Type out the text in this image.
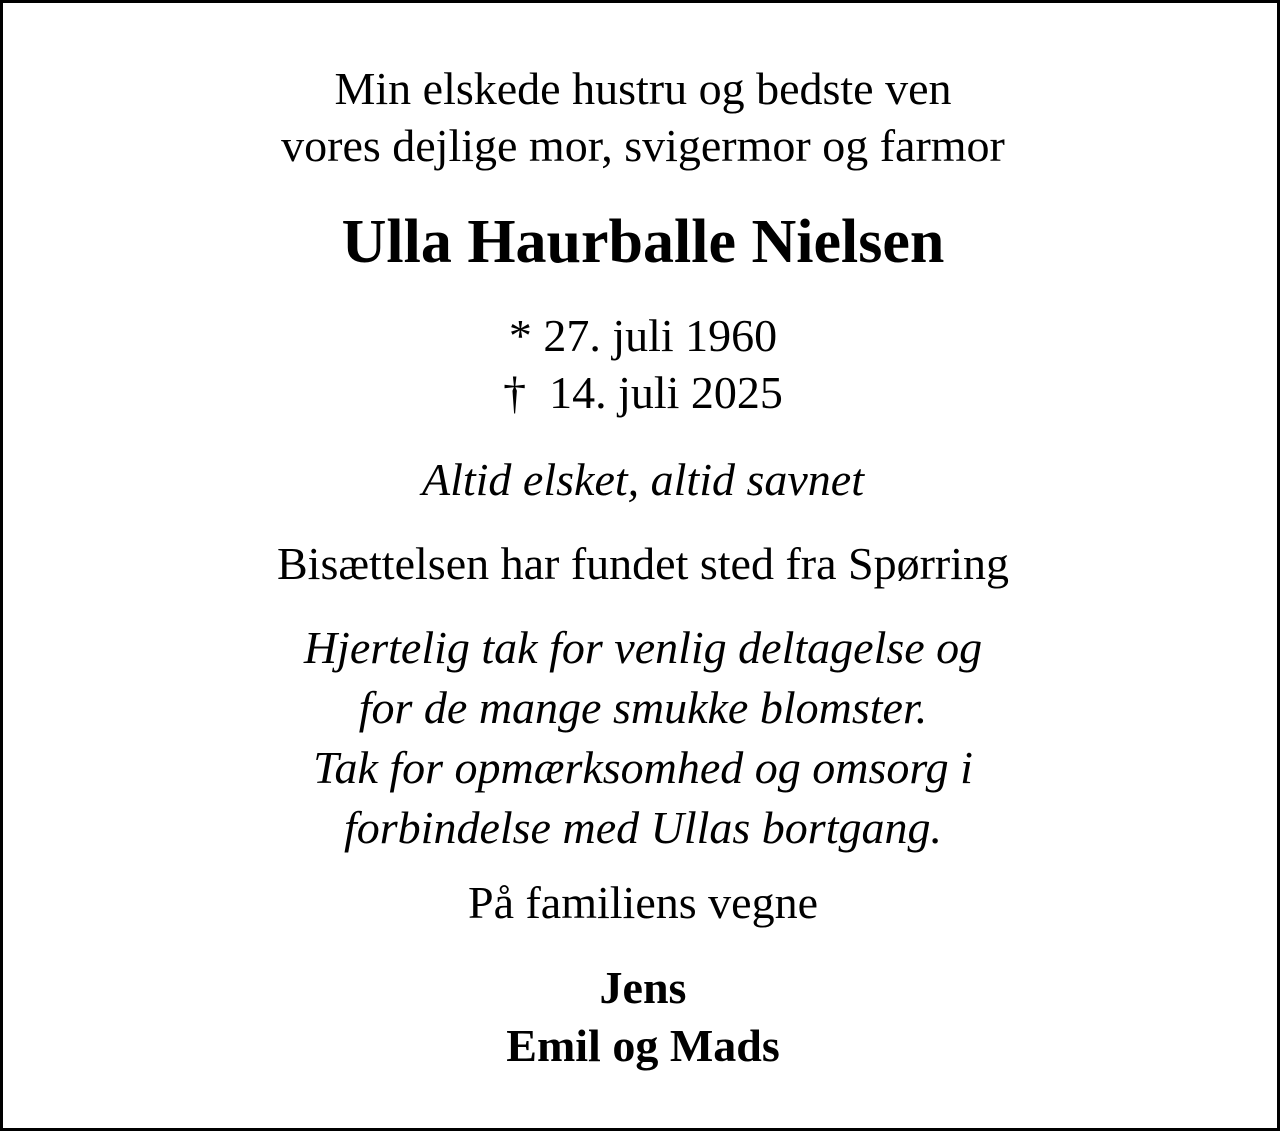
Min elskede hustru og bedste ven
vores dejlige mor, svigermor og farmor
Ulla Haurballe Nielsen
* 27. juli 1960
†  14. juli 2025
Altid elsket, altid savnet
Bisættelsen har fundet sted fra Spørring
Hjertelig tak for venlig deltagelse og
for de mange smukke blomster.
Tak for opmærksomhed og omsorg i
forbindelse med Ullas bortgang.
På familiens vegne
Jens
Emil og Mads
